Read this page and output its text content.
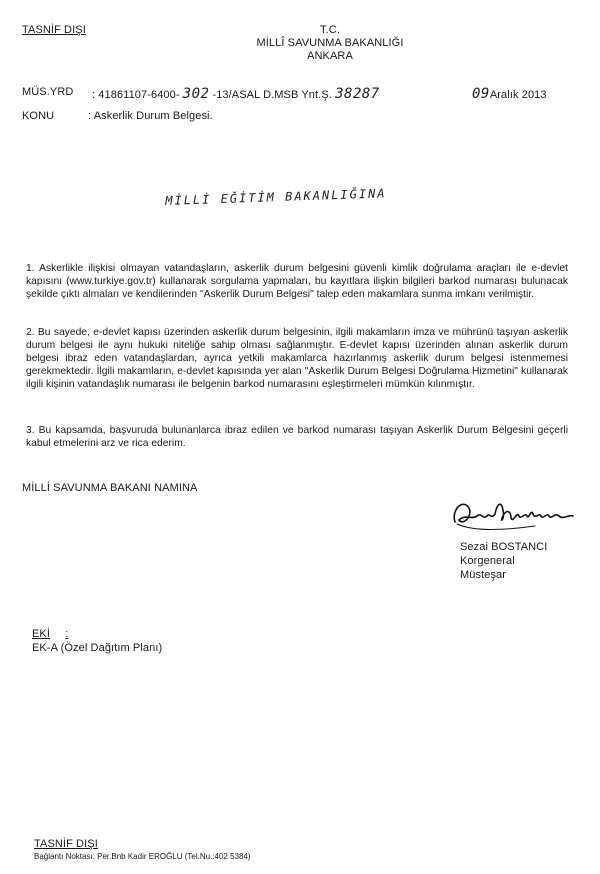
TASNİF DIŞI	T.C.
MİLLÎ SAVUNMA BAKANLIĞI
ANKARA
MÜS.YRD : 41861107-6400- 302 -13/ASAL D.MSB Ynt.Ş. 38287	09Aralık 2013
KONU	: Askerlik Durum Belgesi.
MİLLİ EĞİTİM BAKANLIĞINA

1. Askerlikle ilişkisi olmayan vatandaşların, askerlik durum belgesini güvenli kimlik doğrulama araçları ile e-devlet kapısını (www.turkiye.gov.tr) kullanarak sorgulama yapmaları, bu kayıtlara ilişkin bilgileri barkod numarası bulunacak şekilde çıktı almaları ve kendilerinden "Askerlik Durum Belgesi" talep eden makamlara sunma imkanı verilmiştir.

2. Bu sayede, e-devlet kapısı üzerinden askerlik durum belgesinin, ilgili makamların imza ve mührünü taşıyan askerlik durum belgesi ile aynı hukuki niteliğe sahip olması sağlanmıştır. E-devlet kapısı üzerinden alınan askerlik durum belgesi ibraz eden vatandaşlardan, ayrıca yetkili makamlarca hazırlanmış askerlik durum belgesi istenmemesi gerekmektedir. İlgili makamların, e-devlet kapısında yer alan "Askerlik Durum Belgesi Doğrulama Hizmetini" kullanarak ilgili kişinin vatandaşlık numarası ile belgenin barkod numarasını eşleştirmeleri mümkün kılınmıştır.

3. Bu kapsamda, başvuruda bulunanlarca ibraz edilen ve barkod numarası taşıyan Askerlik Durum Belgesini geçerli kabul etmelerini arz ve rica ederim.

MİLLİ SAVUNMA BAKANI NAMINA
Sezai BOSTANCI
Korgeneral
Müsteşar
EKİ :
EK-A (Özel Dağıtım Planı)
TASNİF DIŞI
Bağlantı Noktası: Per.Bnb Kadir EROĞLU (Tel.Nu.:402 5384)
